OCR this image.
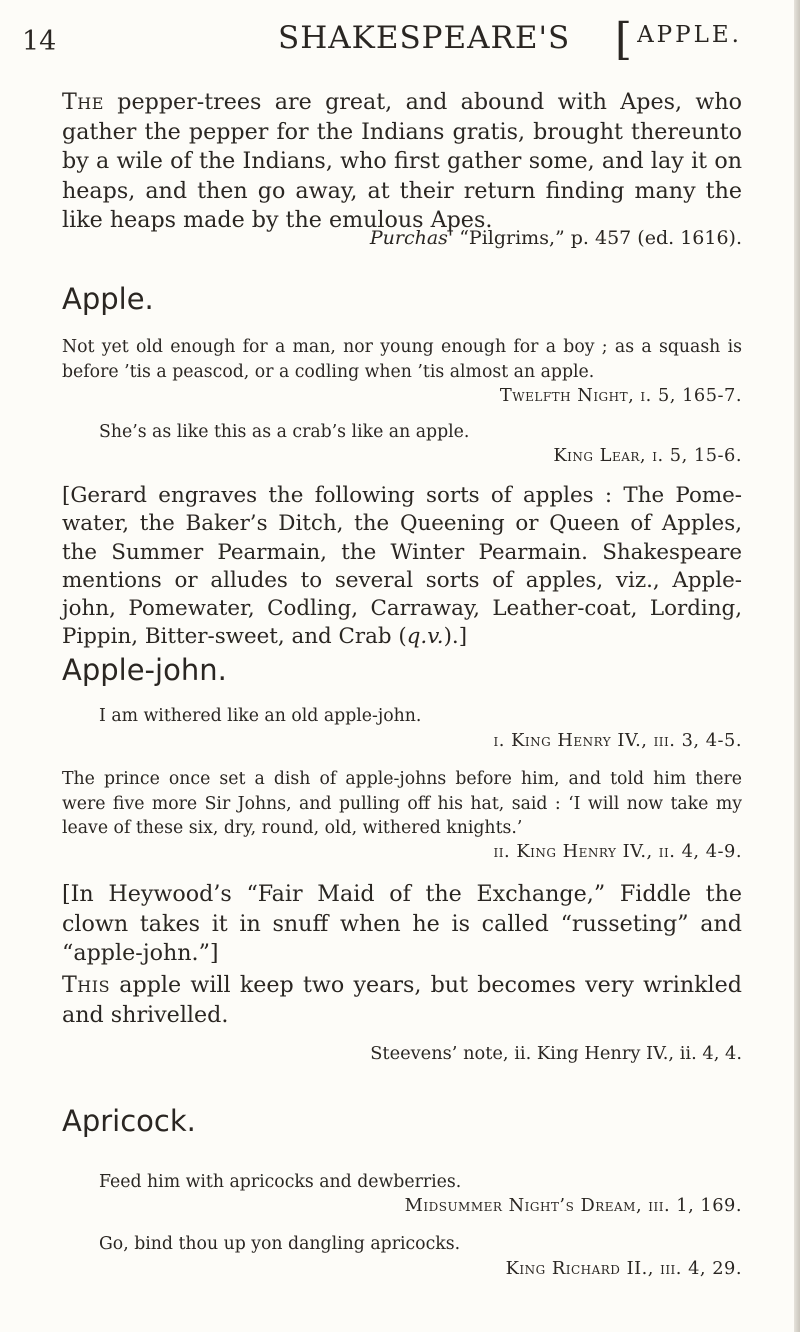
14	SHAKESPEARE'S [APPLE.

The pepper-trees are great, and abound with Apes, who gather the pepper for the Indians gratis, brought thereunto by a wile of the Indians, who first gather some, and lay it on heaps, and then go away, at their return finding many the like heaps made by the emulous Apes.

Purchas' “Pilgrims,” p. 457 (ed. 1616).
Apple.

Not yet old enough for a man, nor young enough for a boy ; as a squash is before ’tis a peascod, or a codling when ’tis almost an apple.

Twelfth Night, i. 5, 165-7.
She’s as like this as a crab’s like an apple.
King Lear, i. 5, 15-6.

[Gerard engraves the following sorts of apples : The Pome-water, the Baker’s Ditch, the Queening or Queen of Apples, the Summer Pearmain, the Winter Pearmain. Shakespeare mentions or alludes to several sorts of apples, viz., Apple-john, Pomewater, Codling, Carraway, Leather-coat, Lording, Pippin, Bitter-sweet, and Crab (q.v.).]

Apple-john.
I am withered like an old apple-john.
i. King Henry IV., iii. 3, 4-5.

The prince once set a dish of apple-johns before him, and told him there were five more Sir Johns, and pulling off his hat, said : ‘I will now take my leave of these six, dry, round, old, withered knights.’

ii. King Henry IV., ii. 4, 4-9.

[In Heywood’s “Fair Maid of the Exchange,” Fiddle the clown takes it in snuff when he is called “russeting” and “apple-john.”]

This apple will keep two years, but becomes very wrinkled and shrivelled.

Steevens’ note, ii. King Henry IV., ii. 4, 4.
Apricock.
Feed him with apricocks and dewberries.
Midsummer Night’s Dream, iii. 1, 169.
Go, bind thou up yon dangling apricocks.
King Richard II., iii. 4, 29.
